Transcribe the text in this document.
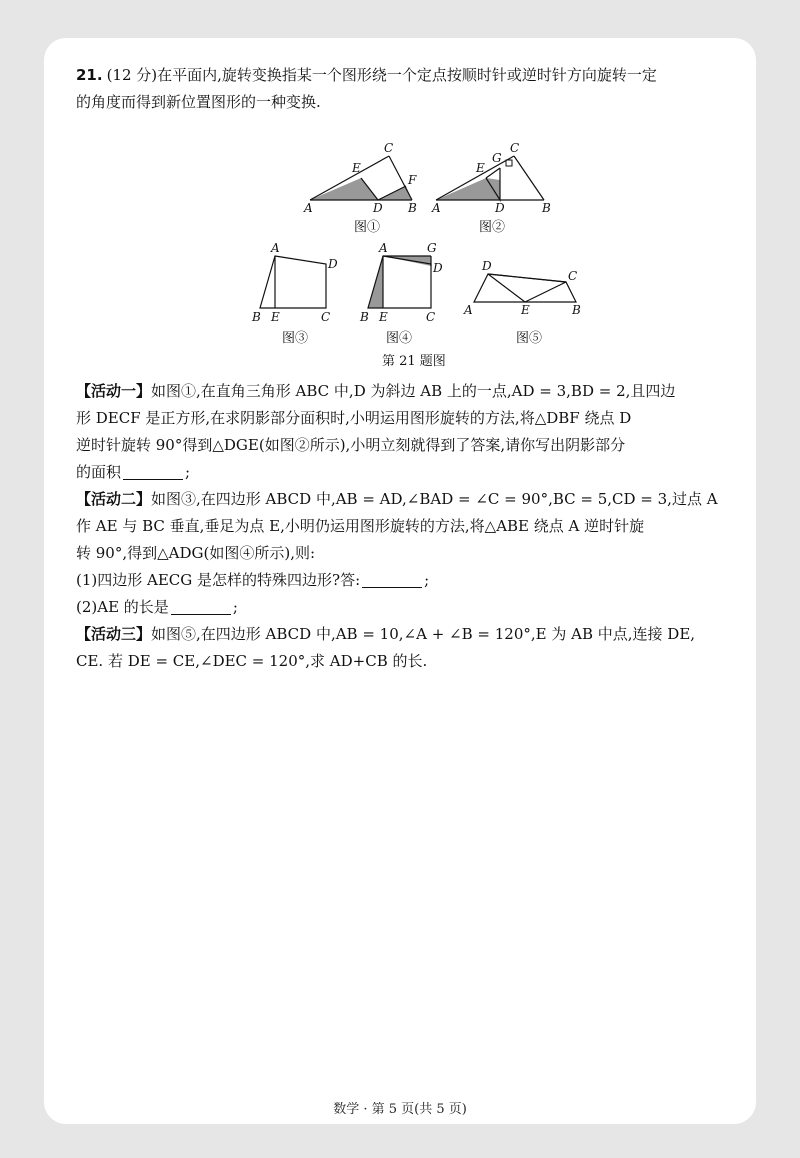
21. (12 分)在平面内,旋转变换指某一个图形绕一个定点按顺时针或逆时针方向旋转一定
的角度而得到新位置图形的一种变换.
A
E
C
D
F
B A
E
G
C
D	B
A
D
B E	C
A	G
D
B E	C
D
C
A	E	B
图①	图②
图③	图④	图⑤
第 21 题图
【活动一】如图①,在直角三角形 ABC 中,D 为斜边 AB 上的一点,AD = 3,BD = 2,且四边
形 DECF 是正方形,在求阴影部分面积时,小明运用图形旋转的方法,将△DBF 绕点 D
逆时针旋转 90°得到△DGE(如图②所示),小明立刻就得到了答案,请你写出阴影部分
的面积	;
【活动二】如图③,在四边形 ABCD 中,AB = AD,∠BAD = ∠C = 90°,BC = 5,CD = 3,过点 A
作 AE 与 BC 垂直,垂足为点 E,小明仍运用图形旋转的方法,将△ABE 绕点 A 逆时针旋
转 90°,得到△ADG(如图④所示),则:
(1)四边形 AECG 是怎样的特殊四边形?答:	;
(2)AE 的长是	;
【活动三】如图⑤,在四边形 ABCD 中,AB = 10,∠A + ∠B = 120°,E 为 AB 中点,连接 DE,
CE. 若 DE = CE,∠DEC = 120°,求 AD+CB 的长.
数学 · 第 5 页(共 5 页)
